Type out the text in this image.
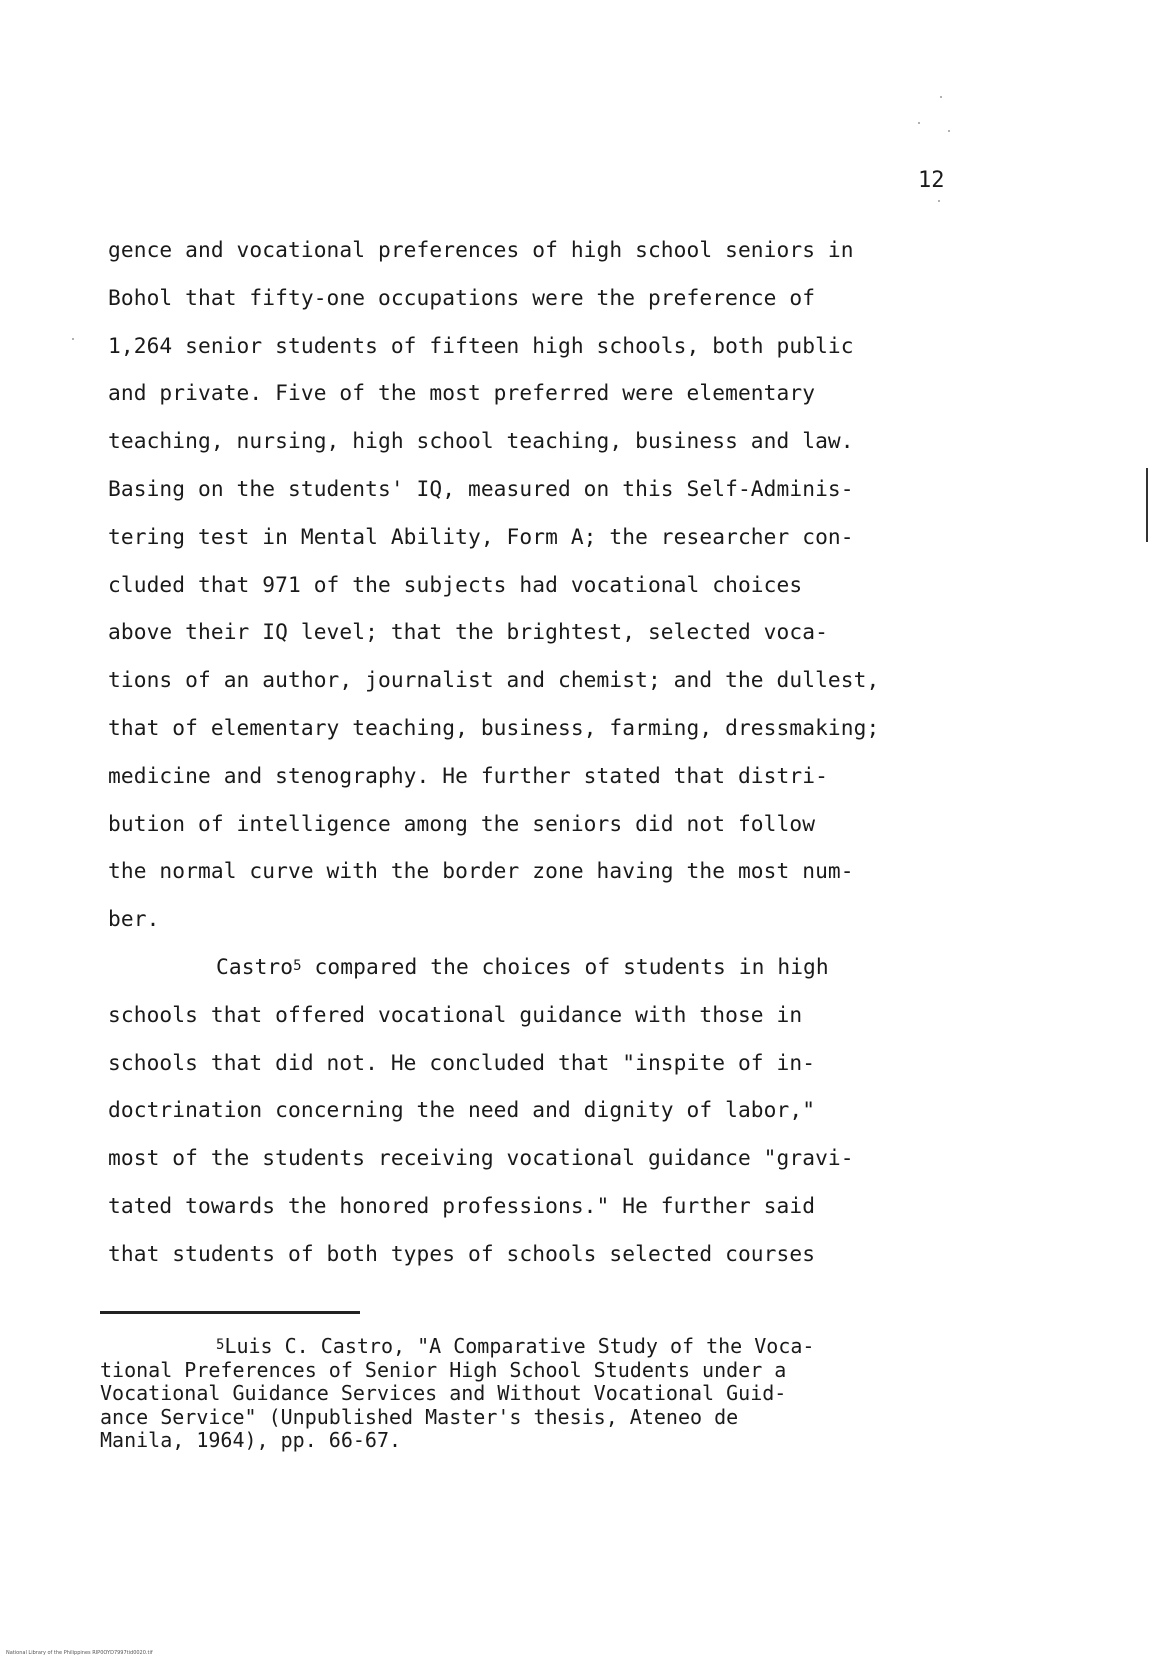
12
gence and vocational preferences of high school seniors in
Bohol that fifty-one occupations were the preference of
1,264 senior students of fifteen high schools, both public
and private. Five of the most preferred were elementary
teaching, nursing, high school teaching, business and law.
Basing on the students' IQ, measured on this Self-Adminis-
tering test in Mental Ability, Form A; the researcher con-
cluded that 971 of the subjects had vocational choices
above their IQ level; that the brightest, selected voca-
tions of an author, journalist and chemist; and the dullest,
that of elementary teaching, business, farming, dressmaking;
medicine and stenography. He further stated that distri-
bution of intelligence among the seniors did not follow
the normal curve with the border zone having the most num-
ber.
Castro$^5$ compared the choices of students in high
schools that offered vocational guidance with those in
schools that did not. He concluded that "inspite of in-
doctrination concerning the need and dignity of labor,"
most of the students receiving vocational guidance "gravi-
tated towards the honored professions." He further said
that students of both types of schools selected courses
$^5$Luis C. Castro, "A Comparative Study of the Voca-
tional Preferences of Senior High School Students under a
Vocational Guidance Services and Without Vocational Guid-
ance Service" (Unpublished Master's thesis, Ateneo de
Manila, 1964), pp. 66-67.
National Library of the Philippines RIP0OYD7997tid0020.tif
